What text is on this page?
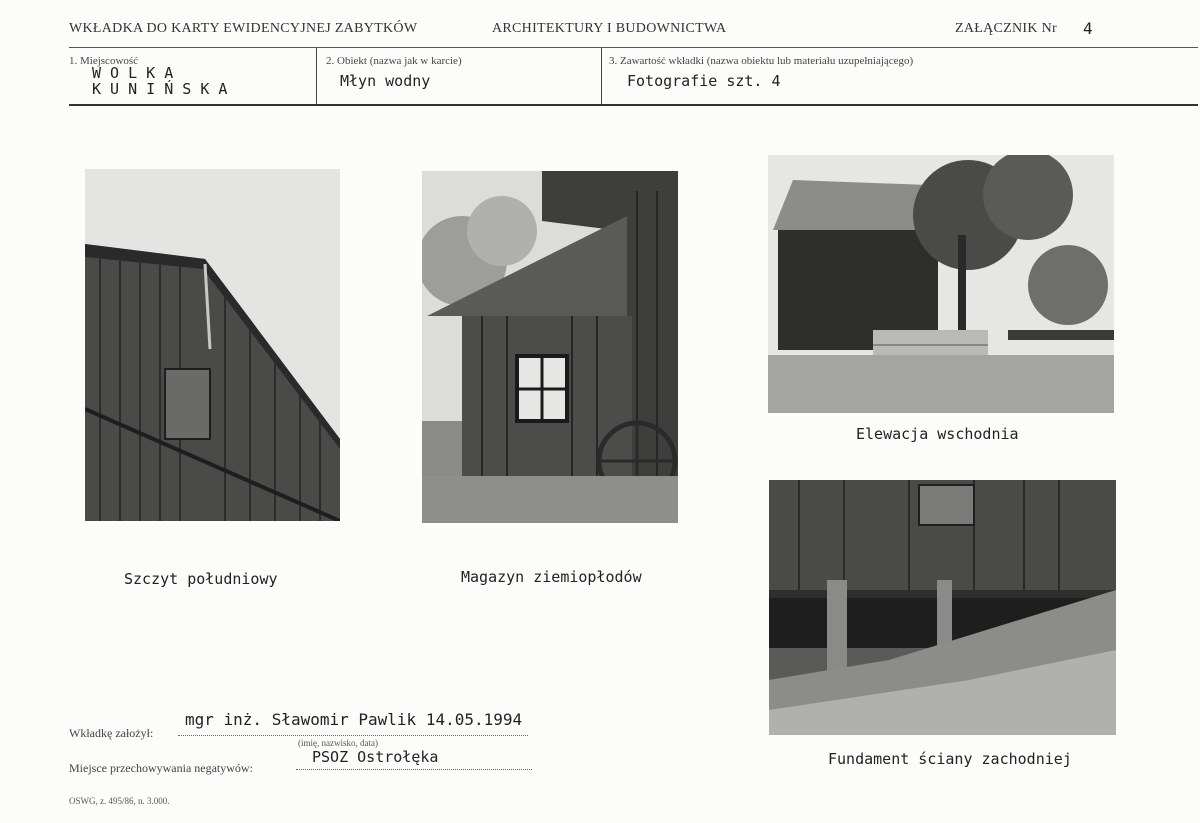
WKŁADKA DO KARTY EWIDENCYJNEJ ZABYTKÓW	ARCHITEKTURY I BUDOWNICTWA	ZAŁĄCZNIK Nr 4
1. Miejscowość
W O L K A
K U N I Ń S K A
2. Obiekt (nazwa jak w karcie)
Młyn wodny
3. Zawartość wkładki (nazwa obiektu lub materiału uzupełniającego)
Fotografie szt. 4
Szczyt południowy	Magazyn ziemiopłodów
Elewacja wschodnia
Fundament ściany zachodniej
Wkładkę założył:
mgr inż. Sławomir Pawlik 14.05.1994
(imię, nazwisko, data)
Miejsce przechowywania negatywów:
PSOZ Ostrołęka
OSWG, z. 495/86, n. 3.000.
